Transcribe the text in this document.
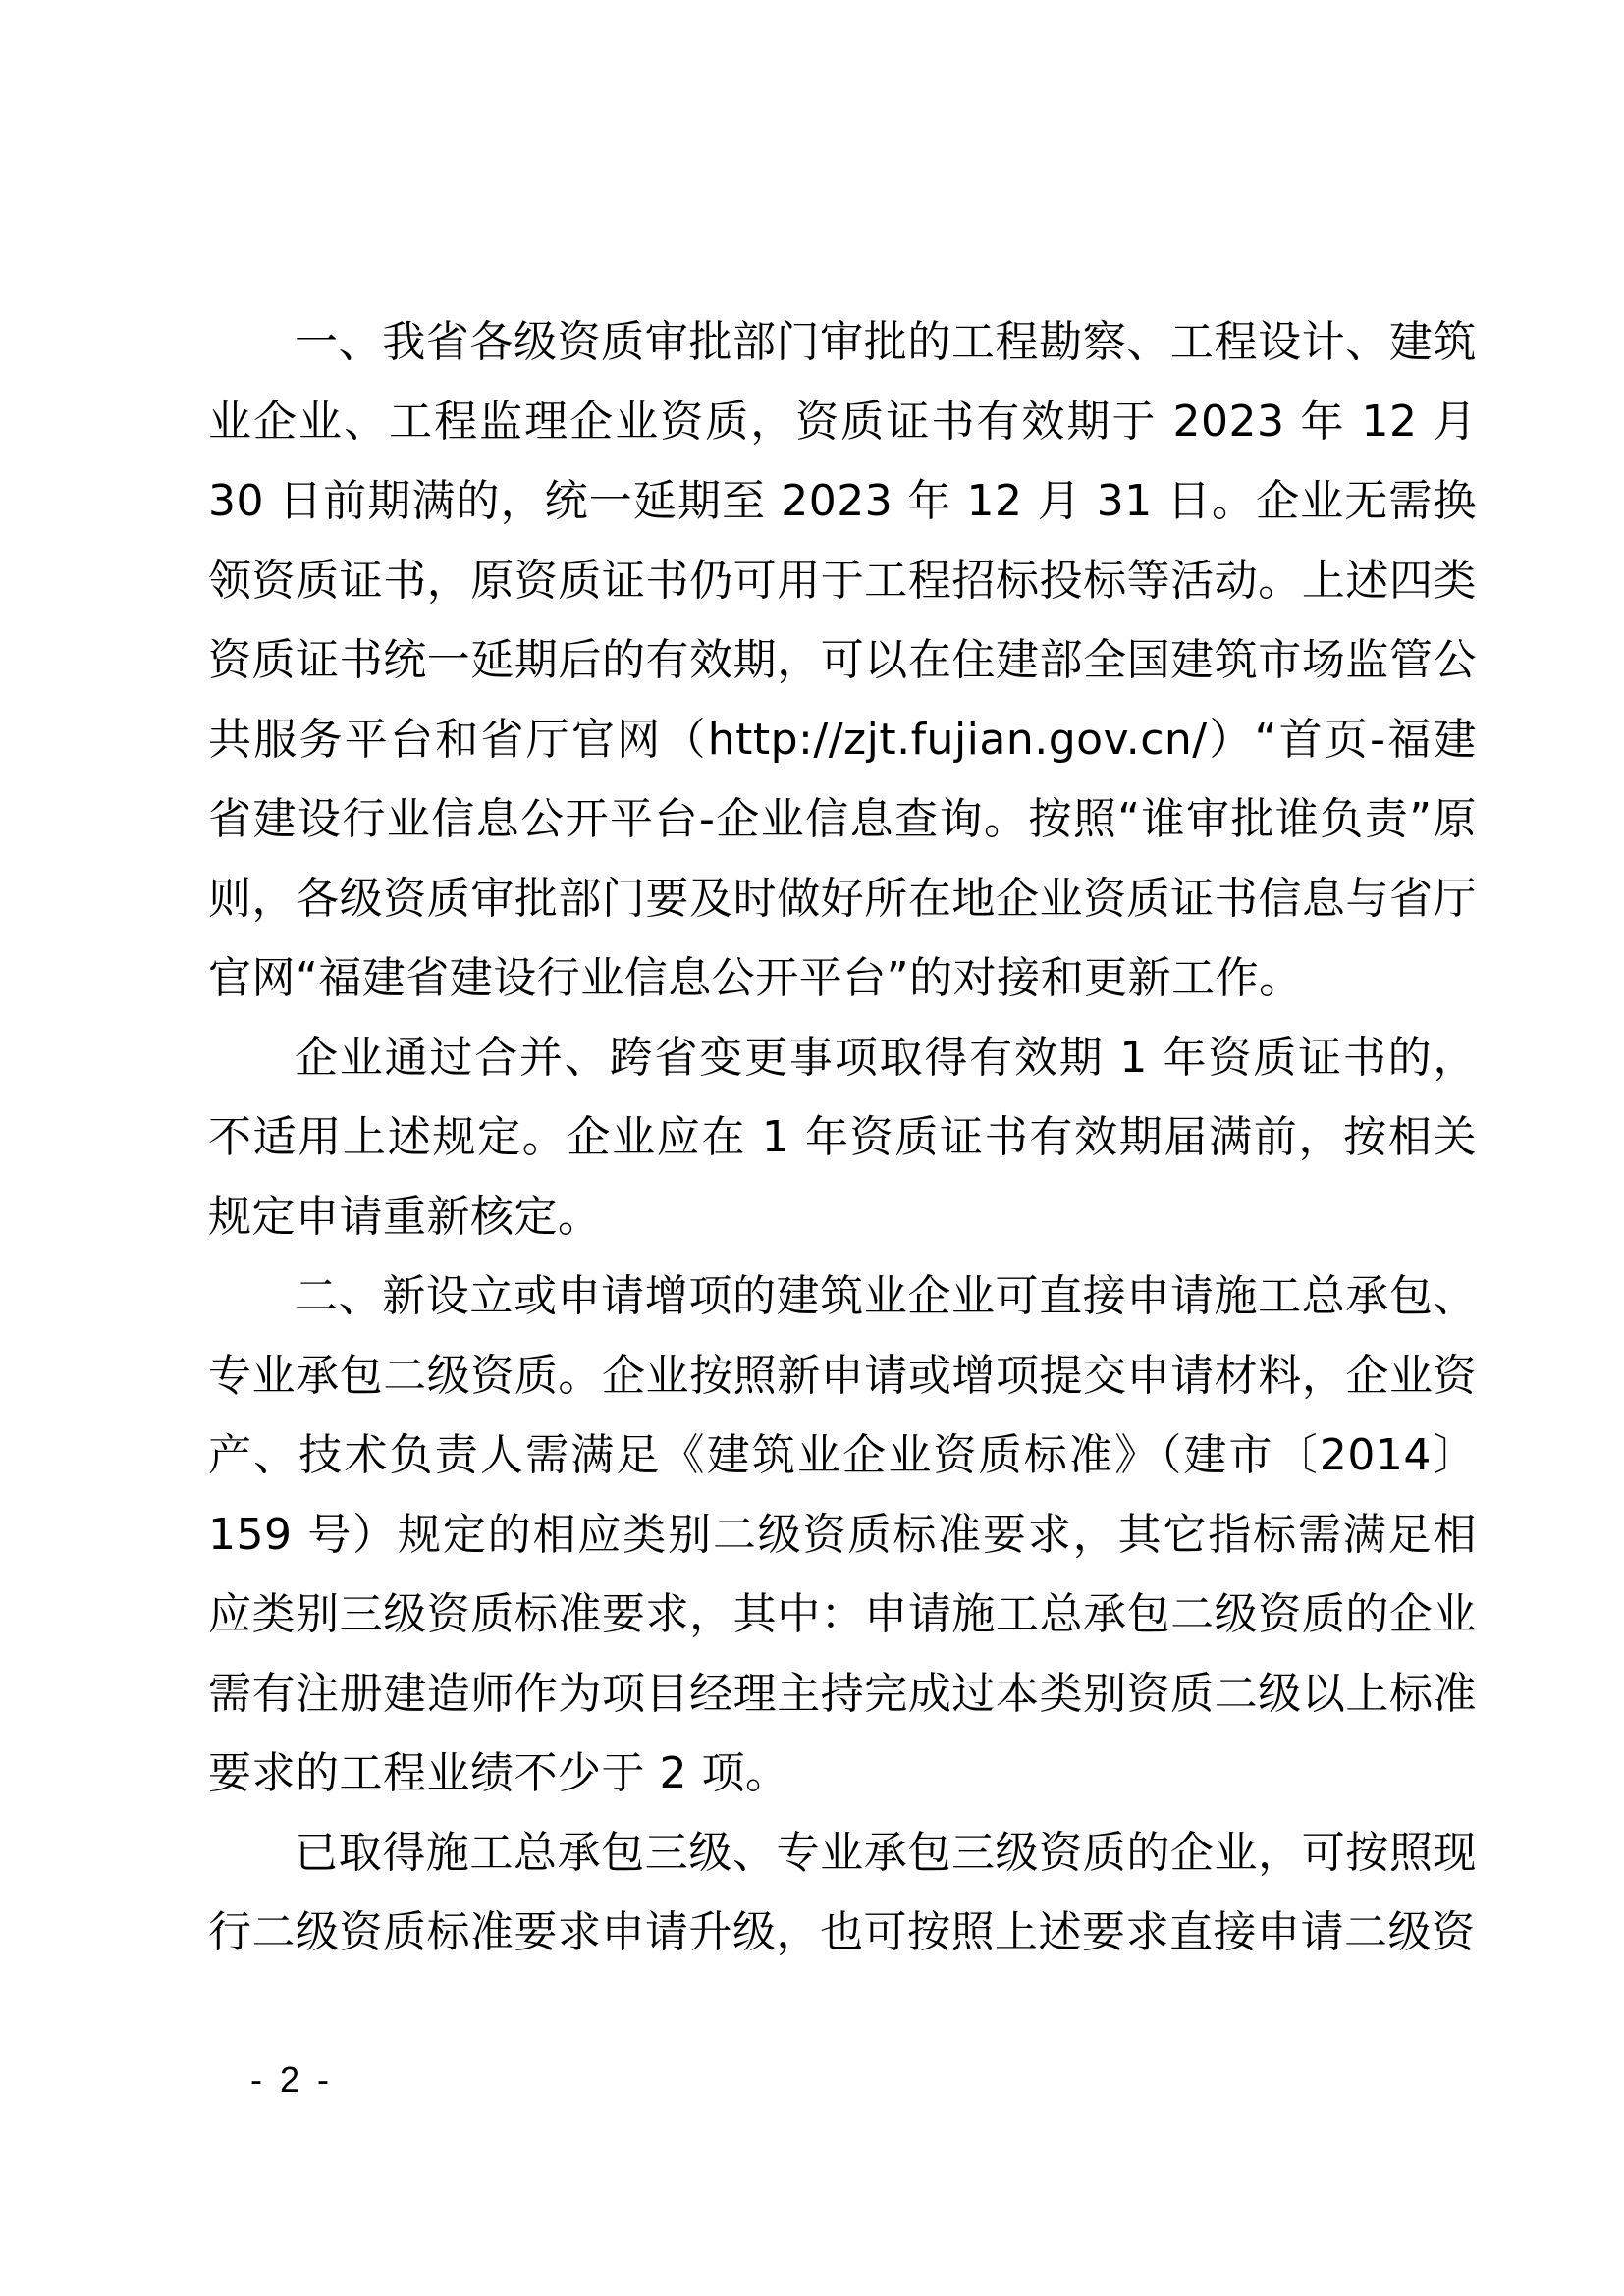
一、我省各级资质审批部门审批的工程勘察、工程设计、建筑业企业、工程监理企业资质，资质证书有效期于 2023 年 12 月 30 日前期满的，统一延期至 2023 年 12 月 31 日。企业无需换领资质证书，原资质证书仍可用于工程招标投标等活动。上述四类资质证书统一延期后的有效期，可以在住建部全国建筑市场监管公共服务平台和省厅官网（http://zjt.fujian.gov.cn/）“首页-福建省建设行业信息公开平台-企业信息查询。按照“谁审批谁负责”原则，各级资质审批部门要及时做好所在地企业资质证书信息与省厅官网“福建省建设行业信息公开平台”的对接和更新工作。

企业通过合并、跨省变更事项取得有效期 1 年资质证书的，不适用上述规定。企业应在 1 年资质证书有效期届满前，按相关规定申请重新核定。

二、新设立或申请增项的建筑业企业可直接申请施工总承包、专业承包二级资质。企业按照新申请或增项提交申请材料，企业资产、技术负责人需满足《建筑业企业资质标准》（建市〔2014〕159 号）规定的相应类别二级资质标准要求，其它指标需满足相应类别三级资质标准要求，其中：申请施工总承包二级资质的企业需有注册建造师作为项目经理主持完成过本类别资质二级以上标准要求的工程业绩不少于 2 项。

已取得施工总承包三级、专业承包三级资质的企业，可按照现行二级资质标准要求申请升级，也可按照上述要求直接申请二级资

- 2 -
